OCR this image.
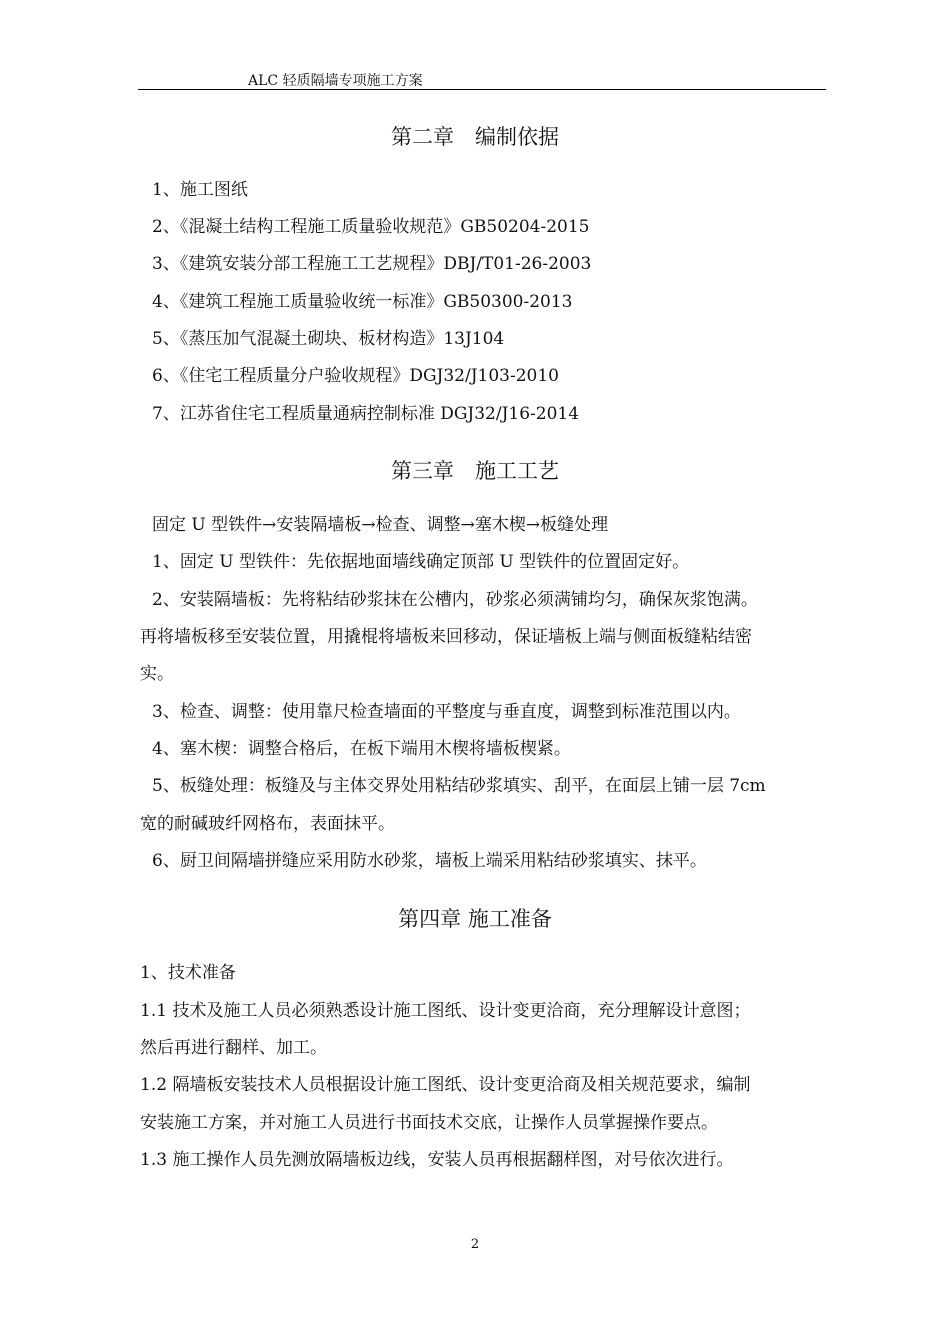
ALC 轻质隔墙专项施工方案
第二章　编制依据
1、施工图纸
2、《混凝土结构工程施工质量验收规范》GB50204-2015
3、《建筑安装分部工程施工工艺规程》DBJ/T01-26-2003
4、《建筑工程施工质量验收统一标准》GB50300-2013
5、《蒸压加气混凝土砌块、板材构造》13J104
6、《住宅工程质量分户验收规程》DGJ32/J103-2010
7、江苏省住宅工程质量通病控制标准 DGJ32/J16-2014
第三章　施工工艺
固定 U 型铁件→安装隔墙板→检查、调整→塞木楔→板缝处理
1、固定 U 型铁件：先依据地面墙线确定顶部 U 型铁件的位置固定好。
2、安装隔墙板：先将粘结砂浆抹在公槽内，砂浆必须满铺均匀，确保灰浆饱满。
再将墙板移至安装位置，用撬棍将墙板来回移动，保证墙板上端与侧面板缝粘结密
实。
3、检查、调整：使用靠尺检查墙面的平整度与垂直度，调整到标准范围以内。
4、塞木楔：调整合格后，在板下端用木楔将墙板楔紧。
5、板缝处理：板缝及与主体交界处用粘结砂浆填实、刮平，在面层上铺一层 7cm
宽的耐碱玻纤网格布，表面抹平。
6、厨卫间隔墙拼缝应采用防水砂浆，墙板上端采用粘结砂浆填实、抹平。
第四章 施工准备
1、技术准备
1.1 技术及施工人员必须熟悉设计施工图纸、设计变更洽商，充分理解设计意图；
然后再进行翻样、加工。
1.2 隔墙板安装技术人员根据设计施工图纸、设计变更洽商及相关规范要求，编制
安装施工方案，并对施工人员进行书面技术交底，让操作人员掌握操作要点。
1.3 施工操作人员先测放隔墙板边线，安装人员再根据翻样图，对号依次进行。
2
